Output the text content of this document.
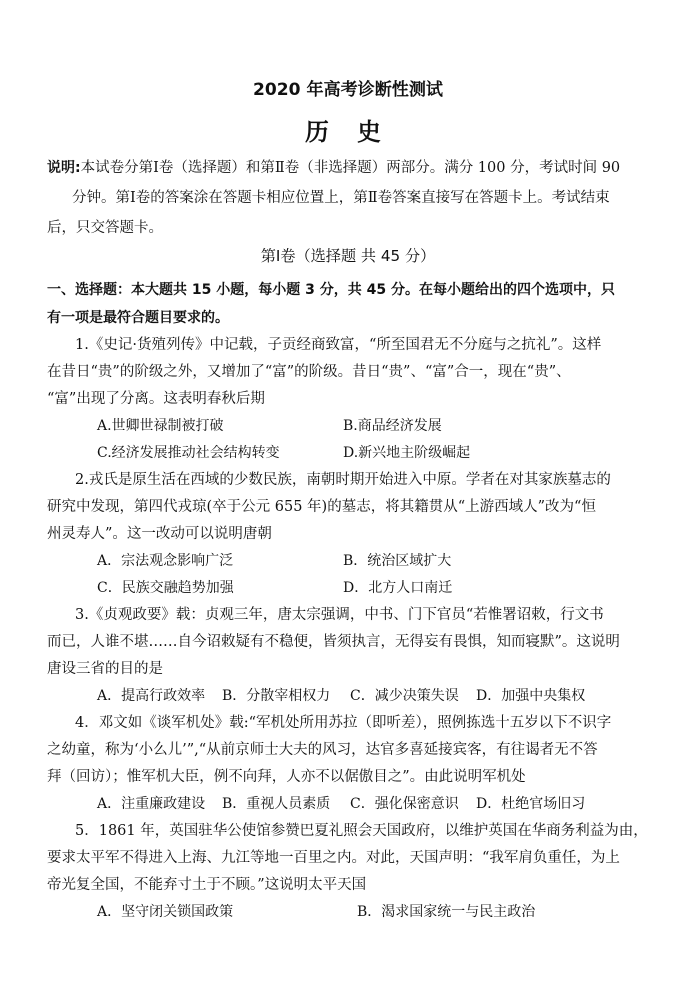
2020 年高考诊断性测试
历 史
说明:本试卷分第Ⅰ卷（选择题）和第Ⅱ卷（非选择题）两部分。满分 100 分，考试时间 90
分钟。第Ⅰ卷的答案涂在答题卡相应位置上，第Ⅱ卷答案直接写在答题卡上。考试结束
后，只交答题卡。
第Ⅰ卷（选择题 共 45 分）
一、选择题：本大题共 15 小题，每小题 3 分，共 45 分。在每小题给出的四个选项中，只
有一项是最符合题目要求的。
1.《史记·货殖列传》中记载，子贡经商致富，“所至国君无不分庭与之抗礼”。这样
在昔日“贵”的阶级之外，又增加了“富”的阶级。昔日“贵”、“富”合一，现在“贵”、
“富”出现了分离。这表明春秋后期
A.世卿世禄制被打破	B.商品经济发展
C.经济发展推动社会结构转变	D.新兴地主阶级崛起
2.戎氏是原生活在西域的少数民族，南朝时期开始进入中原。学者在对其家族墓志的
研究中发现，第四代戎琼(卒于公元 655 年)的墓志，将其籍贯从“上游西域人”改为“恒
州灵寿人”。这一改动可以说明唐朝
A．宗法观念影响广泛	B．统治区域扩大
C．民族交融趋势加强	D．北方人口南迁
3.《贞观政要》载：贞观三年，唐太宗强调，中书、门下官员“若惟署诏敕，行文书
而已，人谁不堪……自今诏敕疑有不稳便，皆须执言，无得妄有畏惧，知而寝默”。这说明
唐设三省的目的是
A．提高行政效率 B．分散宰相权力 C．减少决策失误 D．加强中央集权
4．邓文如《谈军机处》载:“军机处所用苏拉（即听差），照例拣选十五岁以下不识字
之幼童，称为‘小么儿’”,“从前京师士大夫的风习，达官多喜延接宾客，有往谒者无不答
拜（回访）；惟军机大臣，例不向拜，人亦不以倨傲目之”。由此说明军机处
A．注重廉政建设 B．重视人员素质 C．强化保密意识 D．杜绝官场旧习
5．1861 年，英国驻华公使馆参赞巴夏礼照会天国政府，以维护英国在华商务利益为由，
要求太平军不得进入上海、九江等地一百里之内。对此，天国声明：“我军肩负重任，为上
帝光复全国，不能弃寸土于不顾。”这说明太平天国
A．坚守闭关锁国政策	B．渴求国家统一与民主政治
